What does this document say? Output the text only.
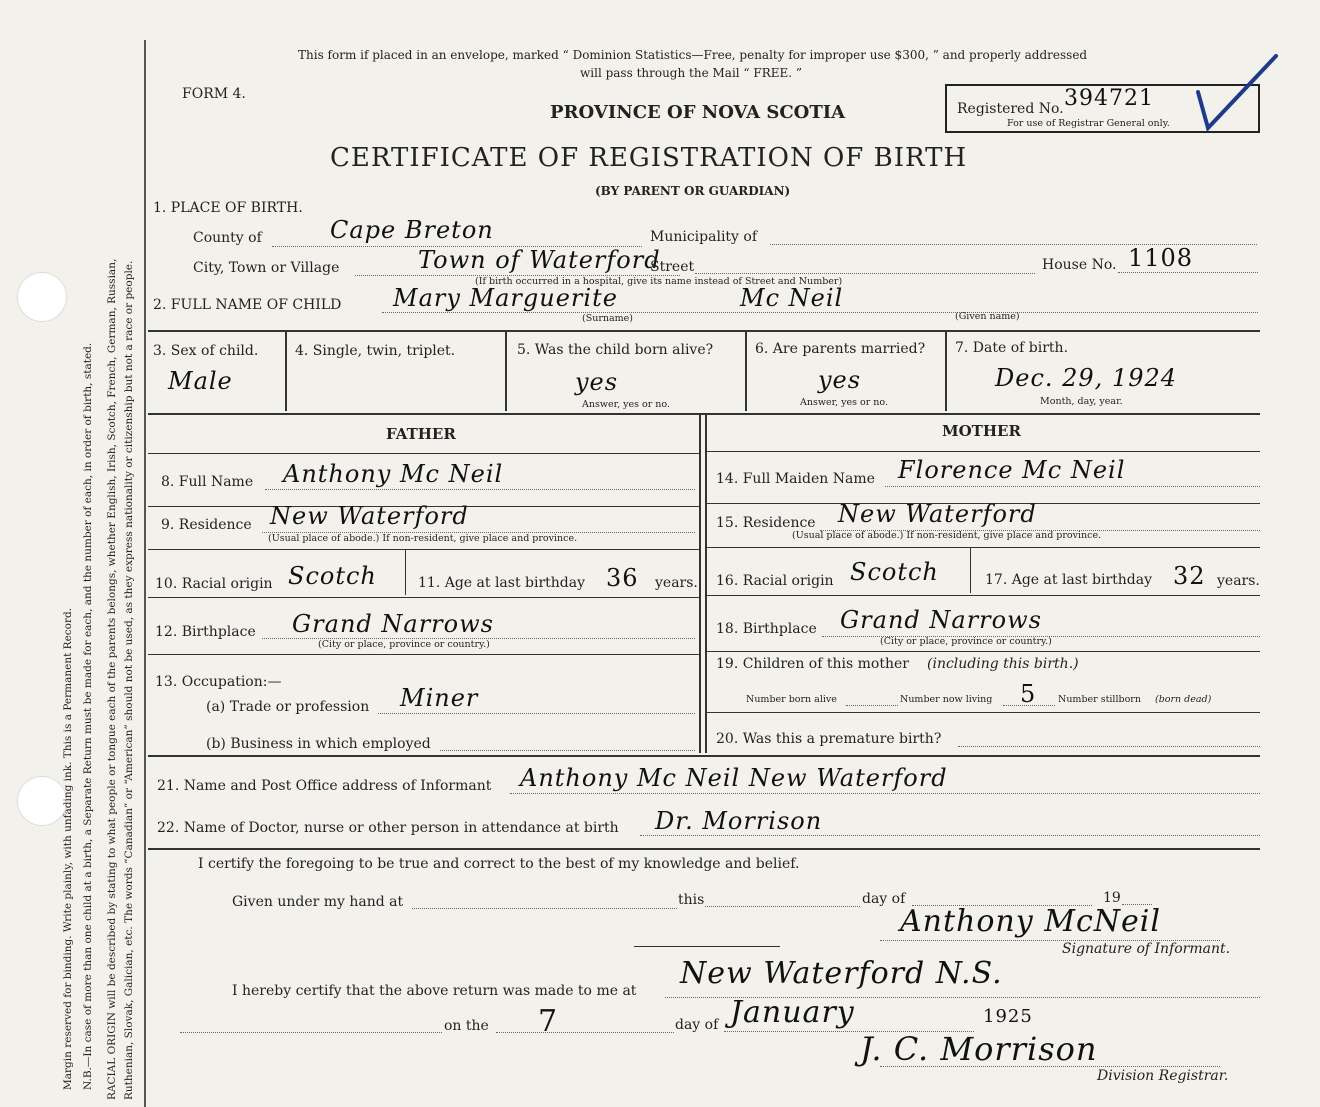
Margin reserved for binding. Write plainly, with unfading ink. This is a Permanent Record. N.B.—In case of more than one child at a birth, a Separate Return must be made for each, and the number of each, in order of birth, stated. RACIAL ORIGIN will be described by stating to what people or tongue each of the parents belongs, whether English, Irish, Scotch, French, German, Russian, Ruthenian, Slovak, Galician, etc. The words “Canadian” or “American” should not be used, as they express nationality or citizenship but not a race or people.
This form if placed in an envelope, marked “ Dominion Statistics—Free, penalty for improper use $300, ” and properly addressed
will pass through the Mail “ FREE. ”
FORM 4.
PROVINCE OF NOVA SCOTIA
CERTIFICATE OF REGISTRATION OF BIRTH
(BY PARENT OR GUARDIAN)
Registered No. 394721
For use of Registrar General only.
1. PLACE OF BIRTH.
County of	Cape Breton	Municipality of
City, Town or Village	Town of Waterford
Street
(If birth occurred in a hospital, give its name instead of Street and Number)
House No. 1108
2. FULL NAME OF CHILD Mary Marguerite	Mc Neil
(Surname)	(Given name)
3. Sex of child.
Male
4. Single, twin, triplet.	5. Was the child born alive?
yes
Answer, yes or no.
6. Are parents married?
yes
Answer, yes or no.
7. Date of birth.
Dec. 29, 1924
Month, day, year.
FATHER	MOTHER
8. Full Name Anthony Mc Neil
9. Residence New Waterford
(Usual place of abode.) If non-resident, give place and province.
10. Racial origin Scotch	11. Age at last birthday 36 years.
12. Birthplace Grand Narrows
(City or place, province or country.)
13. Occupation:—
(a) Trade or profession Miner
(b) Business in which employed
14. Full Maiden Name Florence Mc Neil
15. Residence New Waterford
(Usual place of abode.) If non-resident, give place and province.
16. Racial origin Scotch	17. Age at last birthday 32 years.
18. Birthplace Grand Narrows
(City or place, province or country.)
19. Children of this mother (including this birth.)
Number born alive	Number now living 5 Number stillborn (born dead)
20. Was this a premature birth?
21. Name and Post Office address of Informant Anthony Mc Neil New Waterford
22. Name of Doctor, nurse or other person in attendance at birth Dr. Morrison
I certify the foregoing to be true and correct to the best of my knowledge and belief.
Given under my hand at	this	day of	19
Anthony McNeil
Signature of Informant.
I hereby certify that the above return was made to me at New Waterford N.S.
on the 7	day of January	1925
J. C. Morrison
Division Registrar.
